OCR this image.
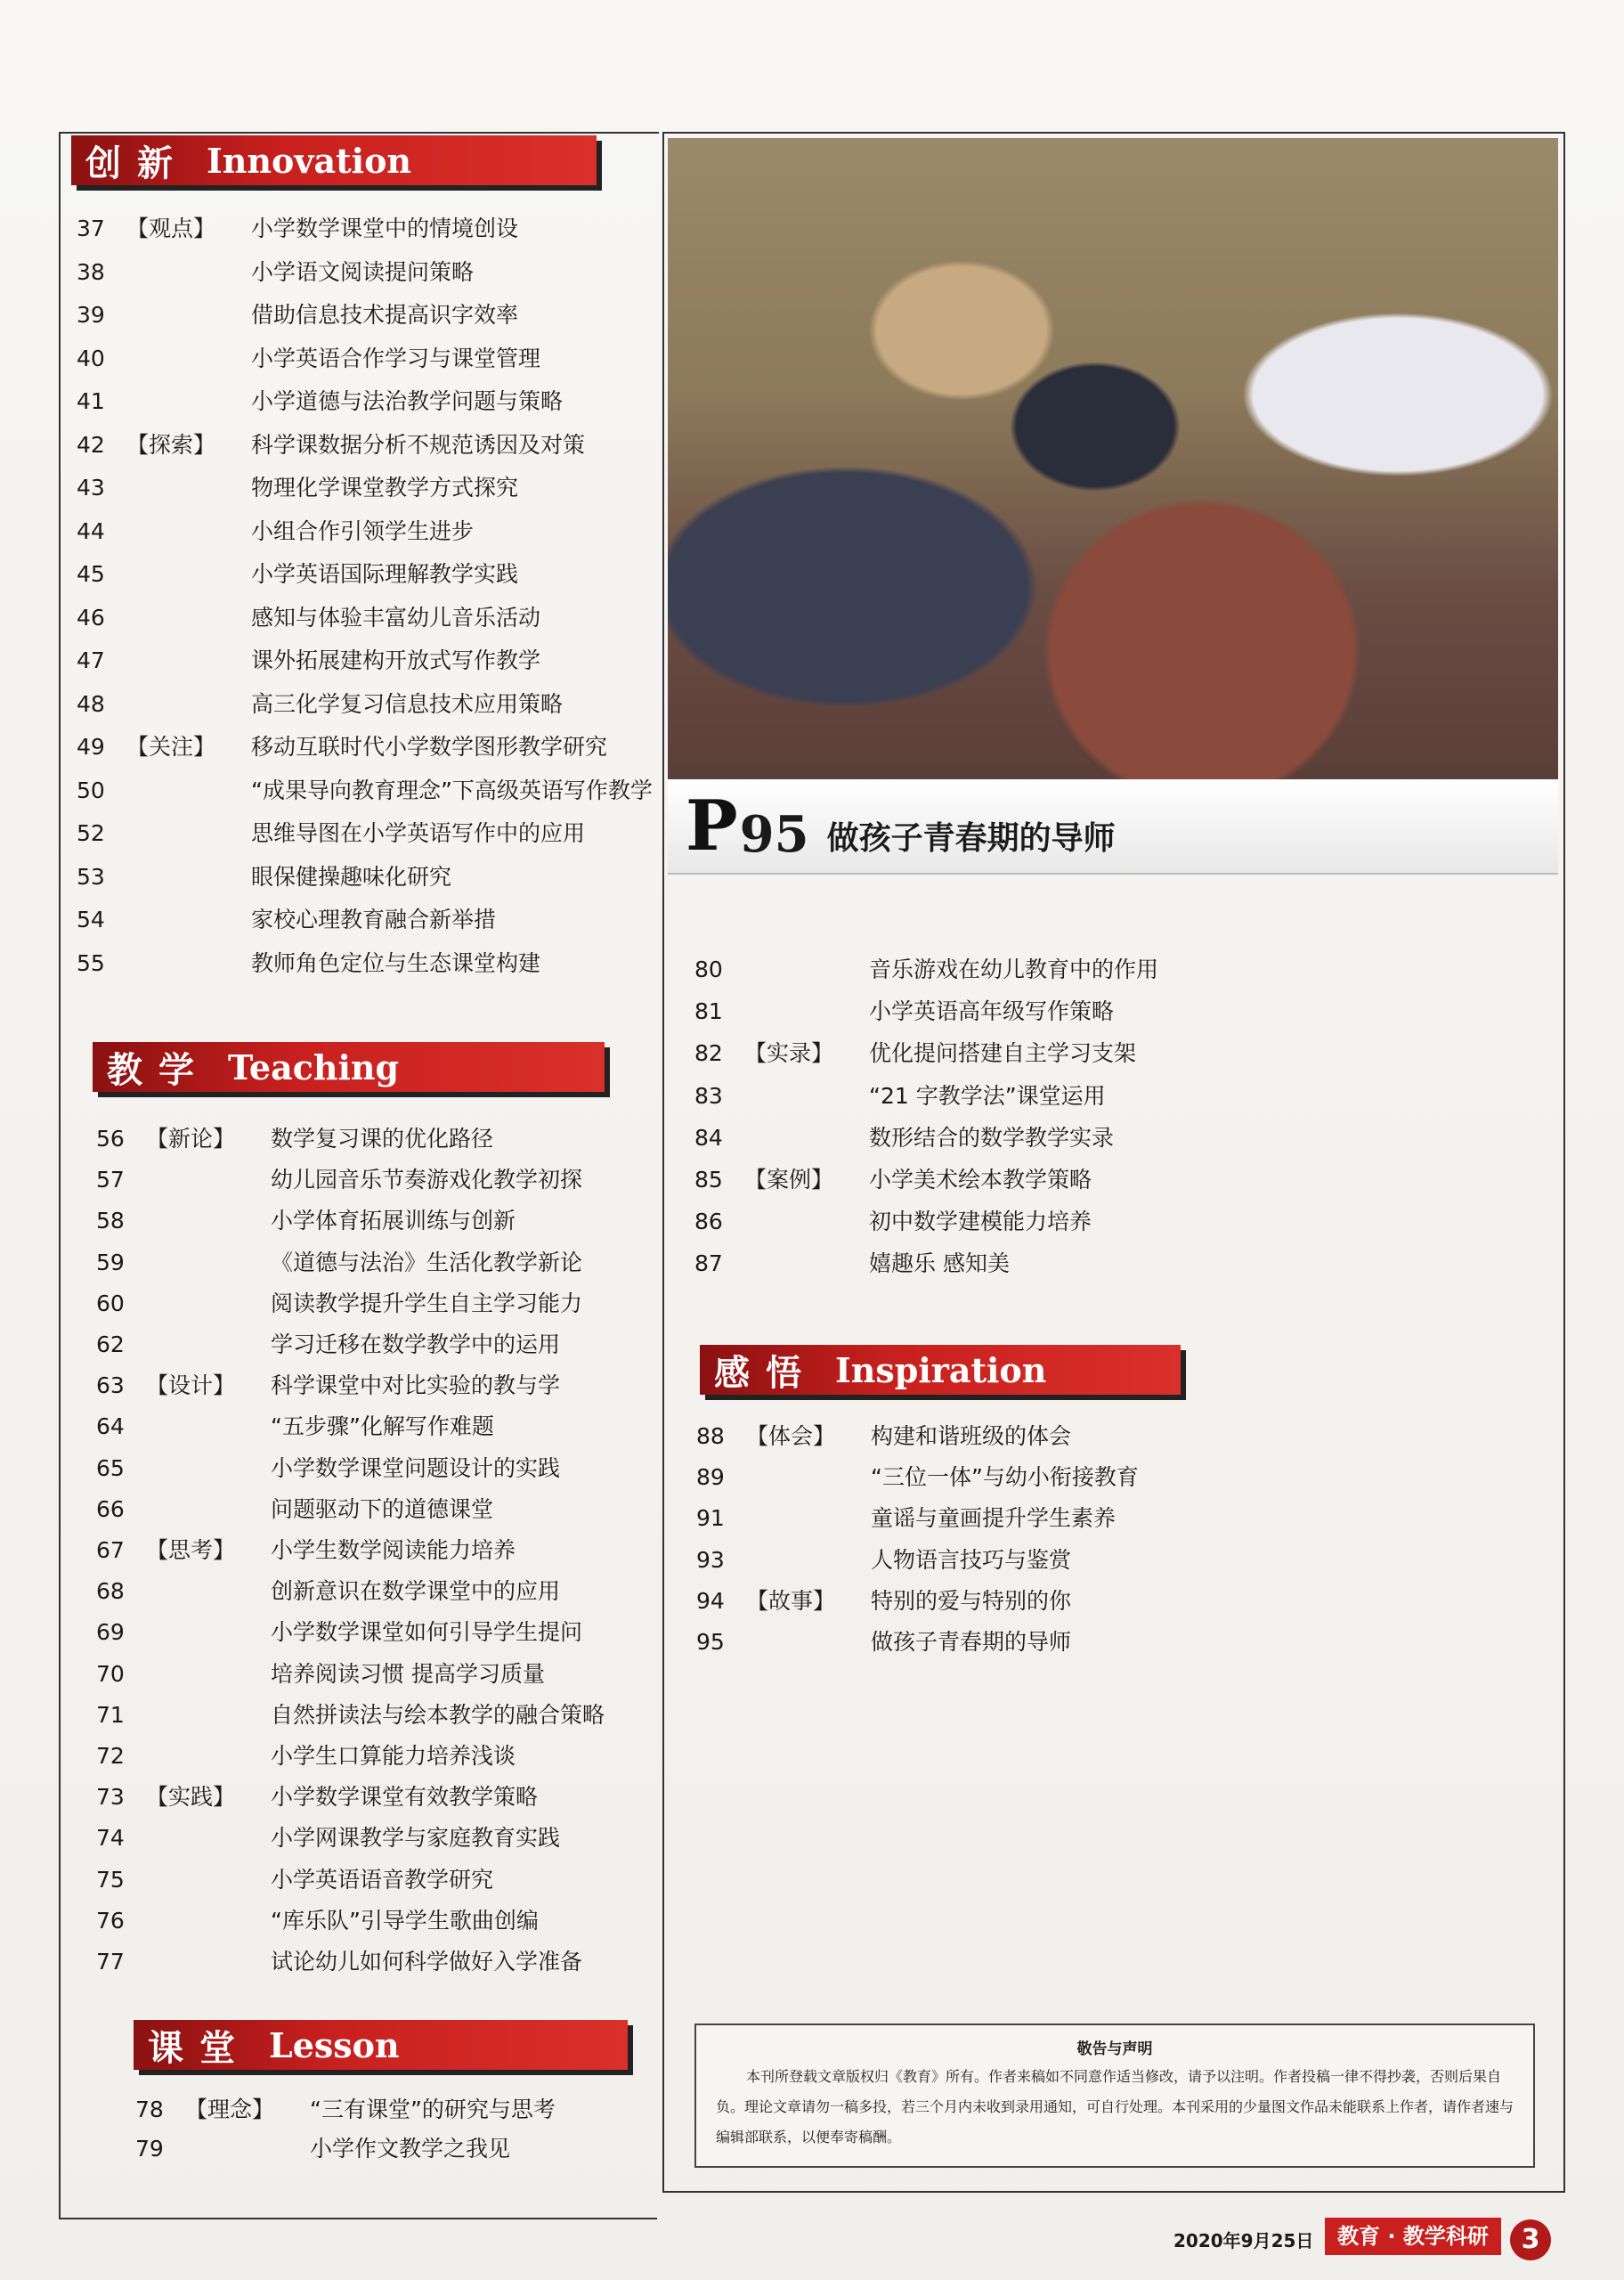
P 95 做孩子青春期的导师
创新 Innovation
37 【观点】	小学数学课堂中的情境创设
38	小学语文阅读提问策略
39	借助信息技术提高识字效率
40	小学英语合作学习与课堂管理
41	小学道德与法治教学问题与策略
42 【探索】	科学课数据分析不规范诱因及对策
43	物理化学课堂教学方式探究
44	小组合作引领学生进步
45	小学英语国际理解教学实践
46	感知与体验丰富幼儿音乐活动
47	课外拓展建构开放式写作教学
48	高三化学复习信息技术应用策略
49 【关注】	移动互联时代小学数学图形教学研究
50	“成果导向教育理念”下高级英语写作教学
52	思维导图在小学英语写作中的应用
53	眼保健操趣味化研究
54	家校心理教育融合新举措
55	教师角色定位与生态课堂构建
教学 Teaching
56 【新论】	数学复习课的优化路径
57	幼儿园音乐节奏游戏化教学初探
58	小学体育拓展训练与创新
59	《道德与法治》生活化教学新论
60	阅读教学提升学生自主学习能力
62	学习迁移在数学教学中的运用
63 【设计】	科学课堂中对比实验的教与学
64	“五步骤”化解写作难题
65	小学数学课堂问题设计的实践
66	问题驱动下的道德课堂
67 【思考】	小学生数学阅读能力培养
68	创新意识在数学课堂中的应用
69	小学数学课堂如何引导学生提问
70	培养阅读习惯 提高学习质量
71	自然拼读法与绘本教学的融合策略
72	小学生口算能力培养浅谈
73 【实践】	小学数学课堂有效教学策略
74	小学网课教学与家庭教育实践
75	小学英语语音教学研究
76	“库乐队”引导学生歌曲创编
77	试论幼儿如何科学做好入学准备
课堂 Lesson
78 【理念】	“三有课堂”的研究与思考
79	小学作文教学之我见
80	音乐游戏在幼儿教育中的作用
81	小学英语高年级写作策略
82 【实录】	优化提问搭建自主学习支架
83	“21 字教学法”课堂运用
84	数形结合的数学教学实录
85 【案例】	小学美术绘本教学策略
86	初中数学建模能力培养
87	嬉趣乐 感知美
感悟 Inspiration
88 【体会】	构建和谐班级的体会
89	“三位一体”与幼小衔接教育
91	童谣与童画提升学生素养
93	人物语言技巧与鉴赏
94 【故事】	特别的爱与特别的你
95	做孩子青春期的导师
敬告与声明
本刊所登载文章版权归《教育》所有。作者来稿如不同意作适当修改，请予以注明。作者投稿一律不得抄袭，否则后果自负。理论文章请勿一稿多投，若三个月内未收到录用通知，可自行处理。本刊采用的少量图文作品未能联系上作者，请作者速与编辑部联系，以便奉寄稿酬。
2020年9月25日	教育 · 教学科研	3
